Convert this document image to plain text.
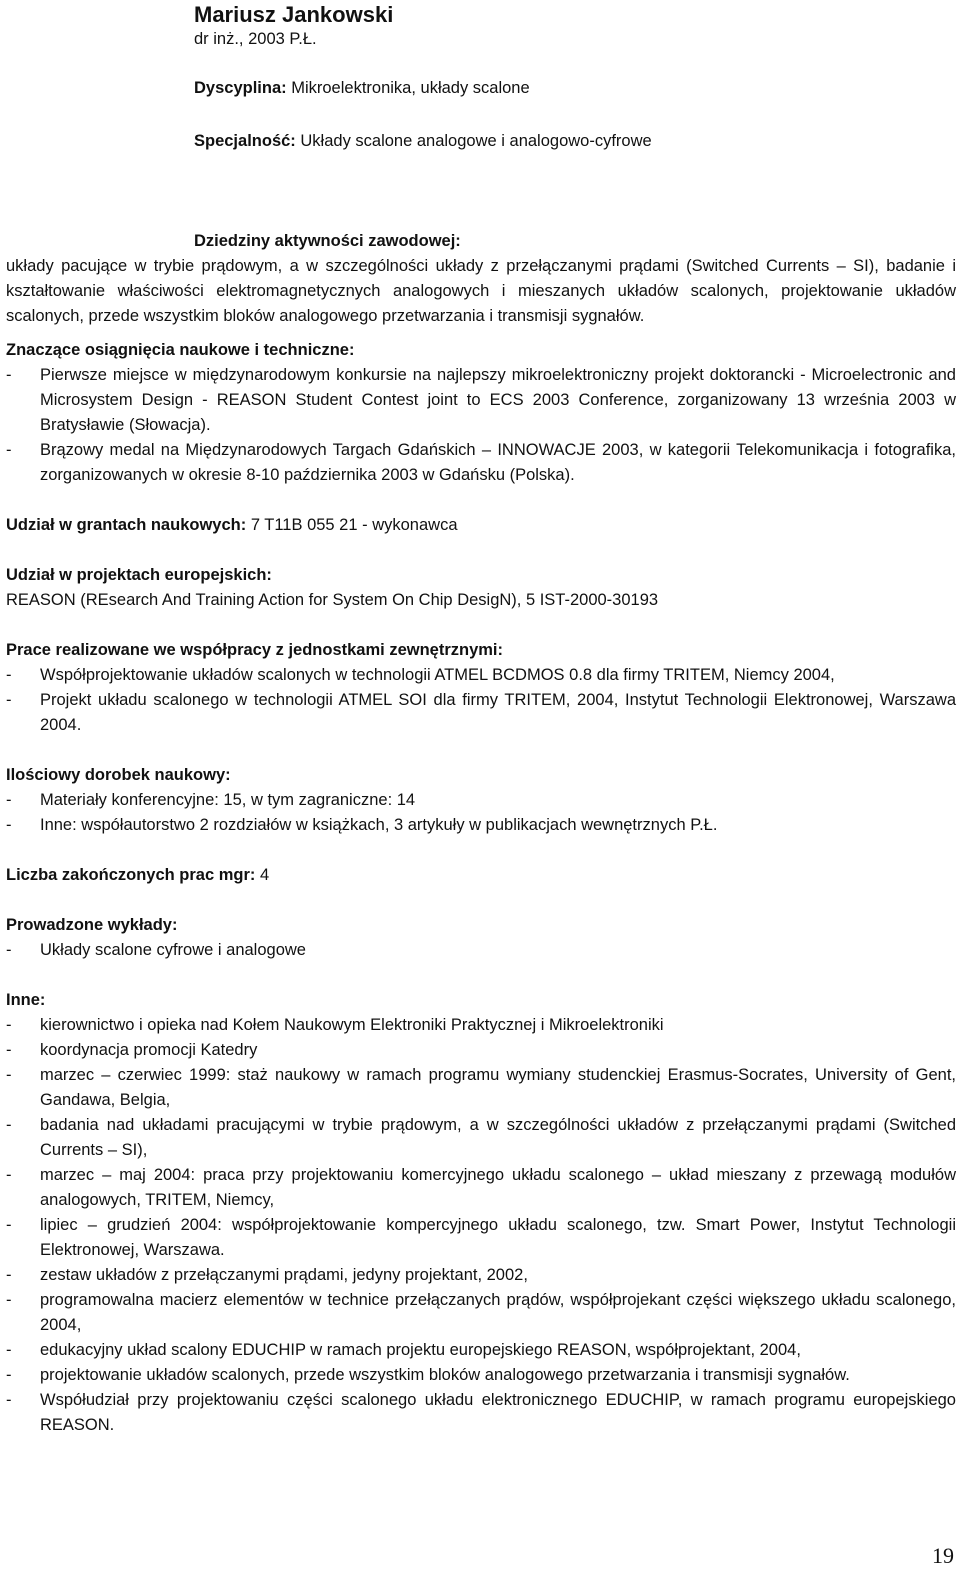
Mariusz Jankowski
dr inż., 2003 P.Ł.
Dyscyplina: Mikroelektronika, układy scalone
Specjalność: Układy scalone analogowe i analogowo-cyfrowe
Dziedziny aktywności zawodowej:
układy pacujące w trybie prądowym, a w szczególności układy z przełączanymi prądami (Switched Currents – SI), badanie i kształtowanie właściwości elektromagnetycznych analogowych i mieszanych układów scalonych, projektowanie układów scalonych, przede wszystkim bloków analogowego przetwarzania i transmisji sygnałów.
Znaczące osiągnięcia naukowe i techniczne:
- Pierwsze miejsce w międzynarodowym konkursie na najlepszy mikroelektroniczny projekt doktorancki - Microelectronic and Microsystem Design - REASON Student Contest joint to ECS 2003 Conference, zorganizowany 13 września 2003 w Bratysławie (Słowacja).
- Brązowy medal na Międzynarodowych Targach Gdańskich – INNOWACJE 2003, w kategorii Telekomunikacja i fotografika, zorganizowanych w okresie 8-10 października 2003 w Gdańsku (Polska).
Udział w grantach naukowych: 7 T11B 055 21 - wykonawca
Udział w projektach europejskich:
REASON (REsearch And Training Action for System On Chip DesigN), 5 IST-2000-30193
Prace realizowane we współpracy z jednostkami zewnętrznymi:
- Współprojektowanie układów scalonych w technologii ATMEL BCDMOS 0.8 dla firmy TRITEM, Niemcy 2004,
- Projekt układu scalonego w technologii ATMEL SOI dla firmy TRITEM, 2004, Instytut Technologii Elektronowej, Warszawa 2004.
Ilościowy dorobek naukowy:
- Materiały konferencyjne: 15, w tym zagraniczne: 14
- Inne: współautorstwo 2 rozdziałów w książkach, 3 artykuły w publikacjach wewnętrznych P.Ł.
Liczba zakończonych prac mgr: 4
Prowadzone wykłady:
- Układy scalone cyfrowe i analogowe
Inne:
- kierownictwo i opieka nad Kołem Naukowym Elektroniki Praktycznej i Mikroelektroniki
- koordynacja promocji Katedry
- marzec – czerwiec 1999: staż naukowy w ramach programu wymiany studenckiej Erasmus-Socrates, University of Gent, Gandawa, Belgia,
- badania nad układami pracującymi w trybie prądowym, a w szczególności układów z przełączanymi prądami (Switched Currents – SI),
- marzec – maj 2004: praca przy projektowaniu komercyjnego układu scalonego – układ mieszany z przewagą modułów analogowych, TRITEM, Niemcy,
- lipiec – grudzień 2004: współprojektowanie kompercyjnego układu scalonego, tzw. Smart Power, Instytut Technologii Elektronowej, Warszawa.
- zestaw układów z przełączanymi prądami, jedyny projektant, 2002,
- programowalna macierz elementów w technice przełączanych prądów, współprojekant części większego układu scalonego, 2004,
- edukacyjny układ scalony EDUCHIP w ramach projektu europejskiego REASON, współprojektant, 2004,
- projektowanie układów scalonych, przede wszystkim bloków analogowego przetwarzania i transmisji sygnałów.
- Współudział przy projektowaniu części scalonego układu elektronicznego EDUCHIP, w ramach programu europejskiego REASON.
19
